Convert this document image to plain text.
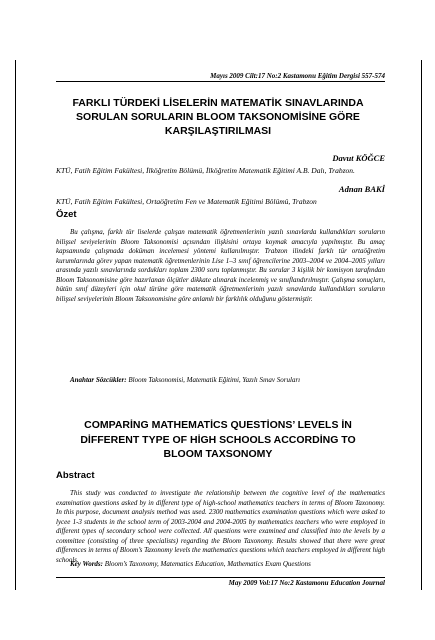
Mayıs 2009 Cilt:17 No:2 Kastamonu Eğitim Dergisi 557-574
FARKLI TÜRDEKİ LİSELERİN MATEMATİK SINAVLARINDA SORULAN SORULARIN BLOOM TAKSONOMİSİNE GÖRE KARŞILAŞTIRILMASI
Davut KÖĞCE
KTÜ, Fatih Eğitim Fakültesi, İlköğretim Bölümü, İlköğretim Matematik Eğitimi A.B. Dalı, Trabzon.
Adnan BAKİ
KTÜ, Fatih Eğitim Fakültesi, Ortaöğretim Fen ve Matematik Eğitimi Bölümü, Trabzon
Özet
Bu çalışma, farklı tür liselerde çalışan matematik öğretmenlerinin yazılı sınavlarda kullandıkları soruların bilişsel seviyelerinin Bloom Taksonomisi açısından ilişkisini ortaya koymak amacıyla yapılmıştır. Bu amaç kapsamında çalışmada doküman incelemesi yöntemi kullanılmıştır. Trabzon ilindeki farklı tür ortaöğretim kurumlarında görev yapan matematik öğretmenlerinin Lise 1–3 sınıf öğrencilerine 2003–2004 ve 2004–2005 yılları arasında yazılı sınavlarında sordukları toplam 2300 soru toplanmıştır. Bu sorular 3 kişilik bir komisyon tarafından Bloom Taksonomisine göre hazırlanan ölçütler dikkate alınarak incelenmiş ve sınıflandırılmıştır. Çalışma sonuçları, bütün sınıf düzeyleri için okul türüne göre matematik öğretmenlerinin yazılı sınavlarda kullandıkları soruların bilişsel seviyelerinin Bloom Taksonomisine göre anlamlı bir farklılık olduğunu göstermiştir.
Anahtar Sözcükler: Bloom Taksonomisi, Matematik Eğitimi, Yazılı Sınav Soruları
COMPARİNG MATHEMATİCS QUESTİONS’ LEVELS İN DİFFERENT TYPE OF HİGH SCHOOLS ACCORDİNG TO BLOOM TAXSONOMY
Abstract
This study was conducted to investigate the relationship between the cognitive level of the mathematics examination questions asked by in different type of high-school mathematics teachers in terms of Bloom Taxonomy. In this purpose, document analysis method was used. 2300 mathematics examination questions which were asked to lycee 1-3 students in the school term of 2003-2004 and 2004-2005 by mathematics teachers who were employed in different types of secondary school were collected. All questions were examined and classified into the levels by a committee (consisting of three specialists) regarding the Bloom Taxonomy. Results showed that there were great differences in terms of Bloom’s Taxonomy levels the mathematics questions which teachers employed in different high schools.
Key Words: Bloom’s Taxonomy, Matematics Education, Mathematics Exam Questions
May 2009 Vol:17 No:2 Kastamonu Education Journal
